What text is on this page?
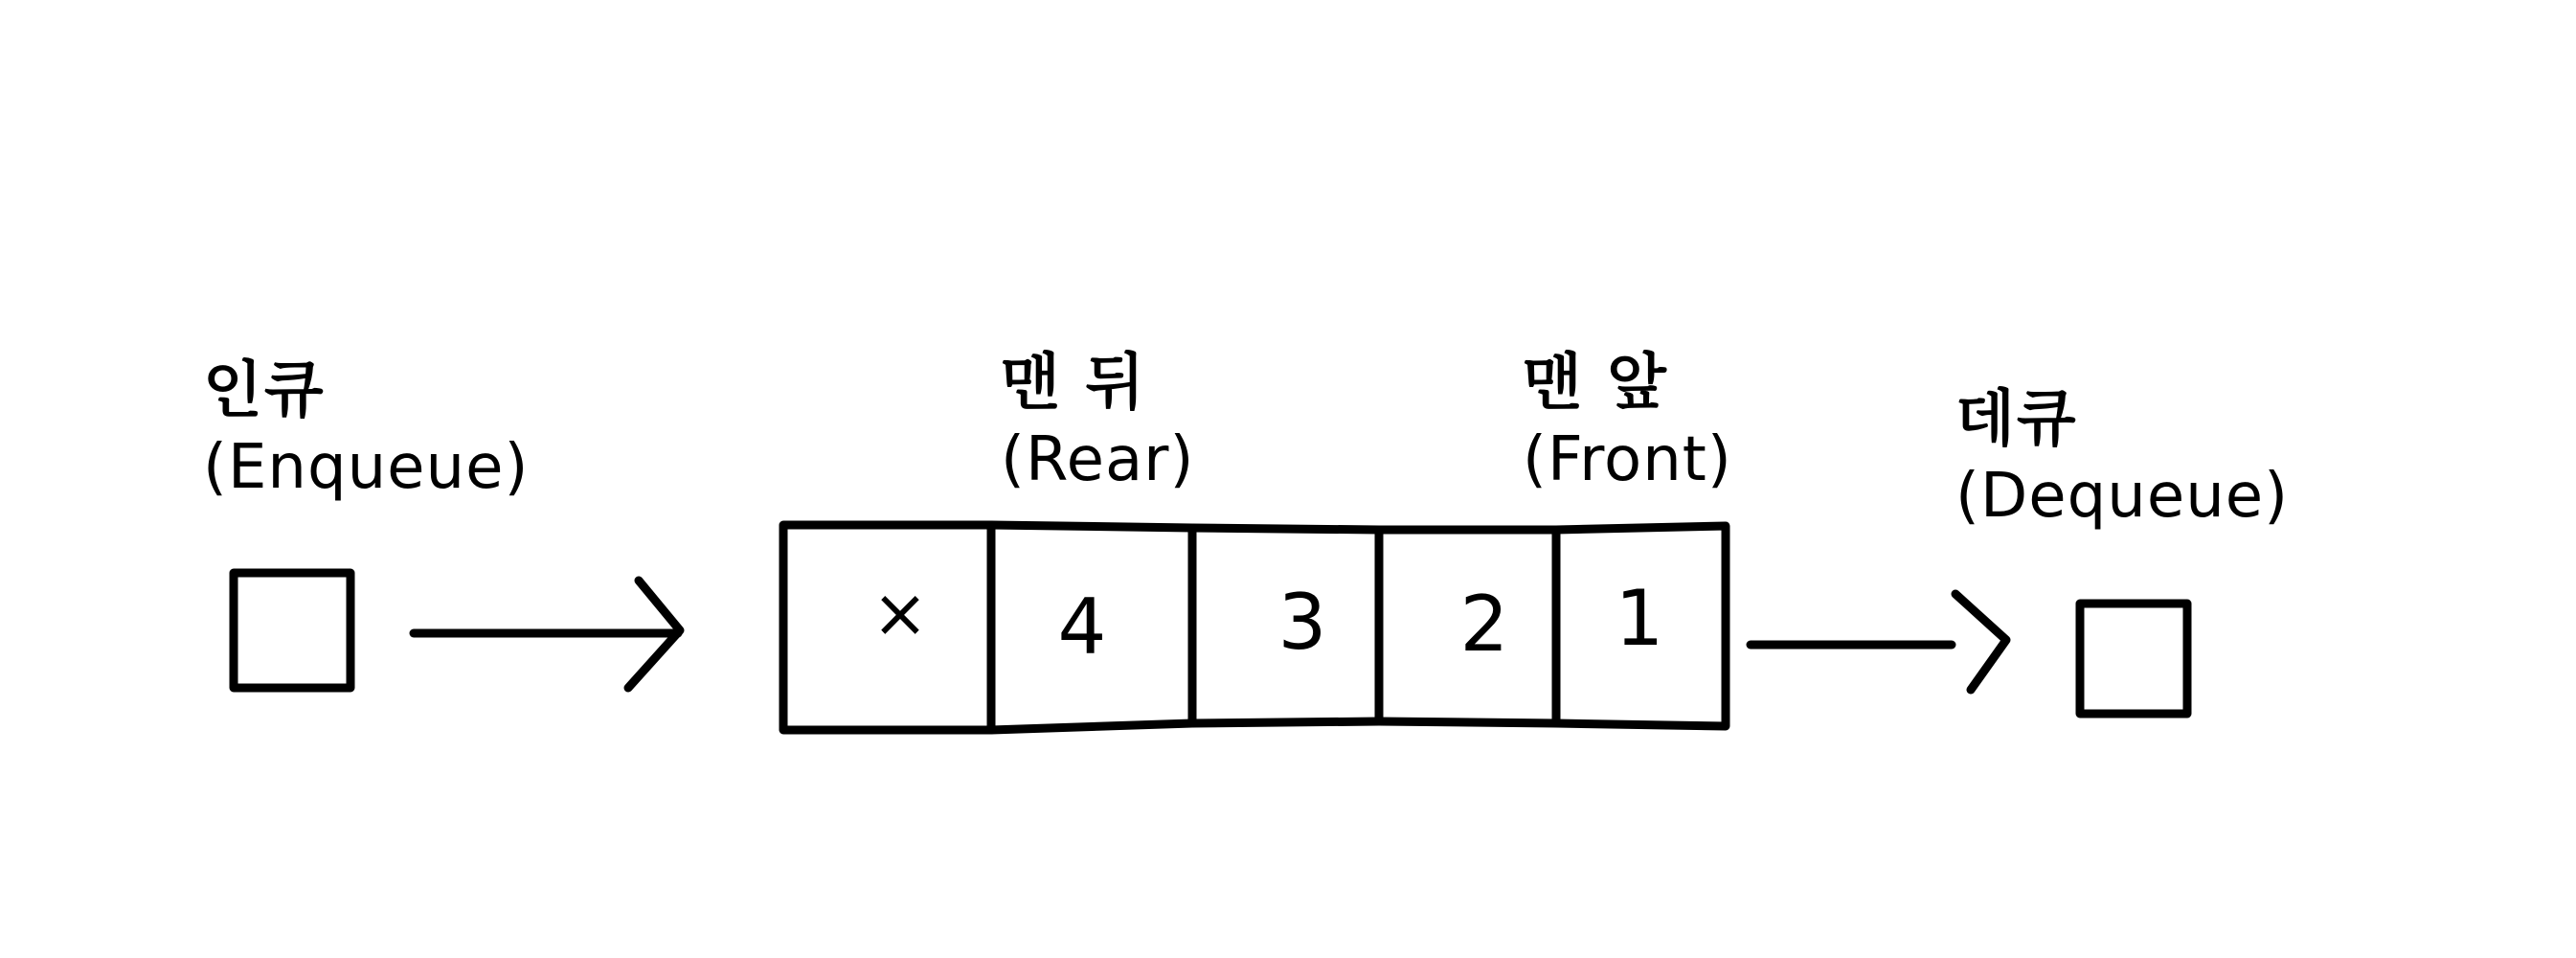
인큐
(Enqueue)
맨 뒤
(Rear)
맨 앞
(Front)
데큐
(Dequeue)
×	4	3	2	1
